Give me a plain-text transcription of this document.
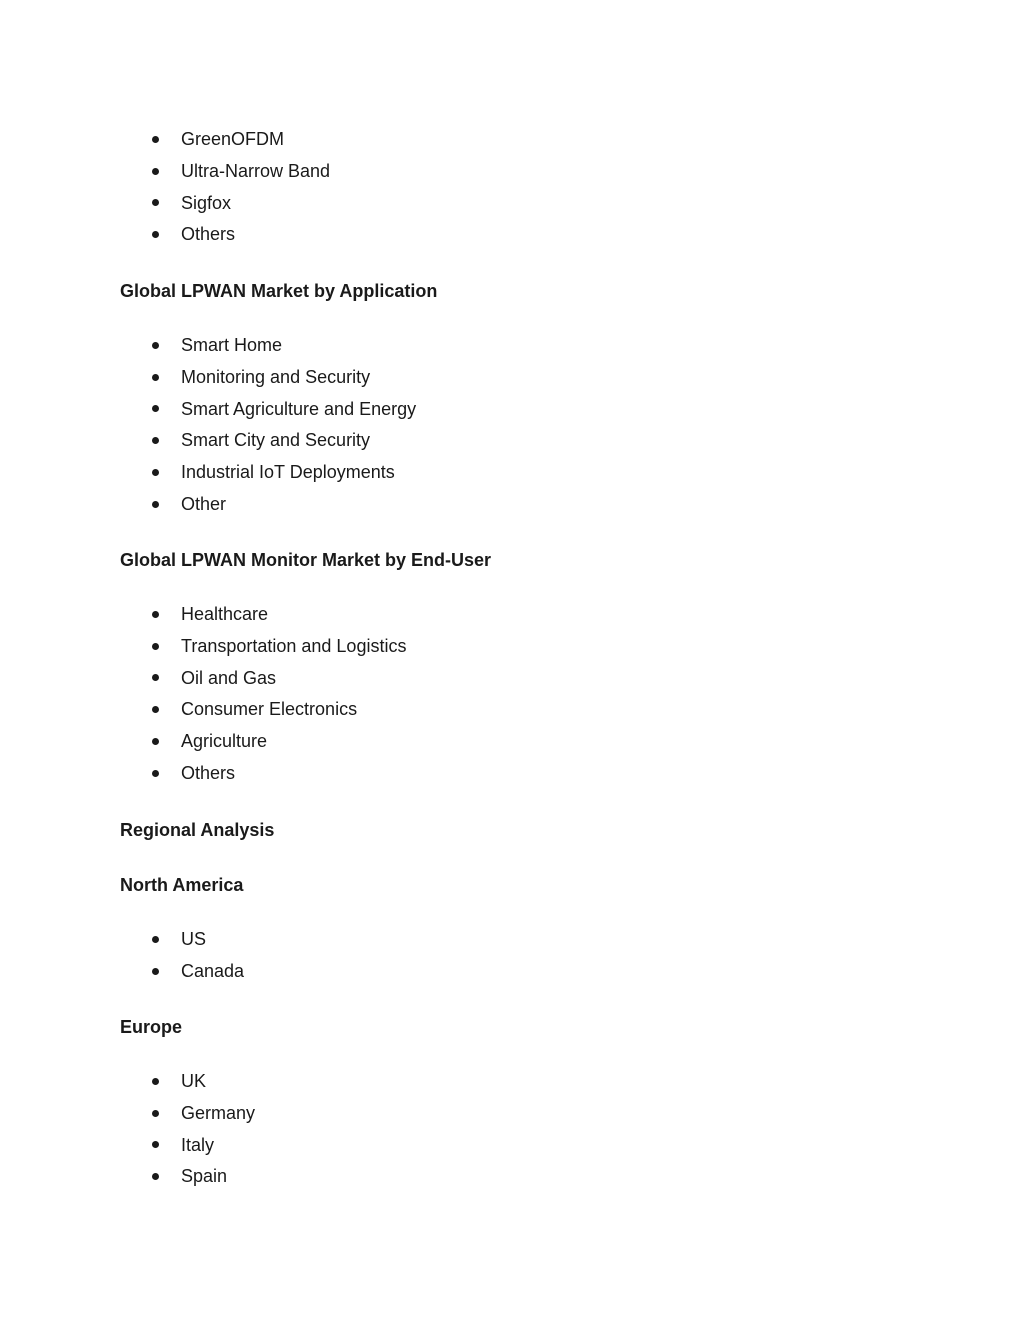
GreenOFDM
Ultra-Narrow Band
Sigfox
Others
Global LPWAN Market by Application
Smart Home
Monitoring and Security
Smart Agriculture and Energy
Smart City and Security
Industrial IoT Deployments
Other
Global LPWAN Monitor Market by End-User
Healthcare
Transportation and Logistics
Oil and Gas
Consumer Electronics
Agriculture
Others
Regional Analysis
North America
US
Canada
Europe
UK
Germany
Italy
Spain
